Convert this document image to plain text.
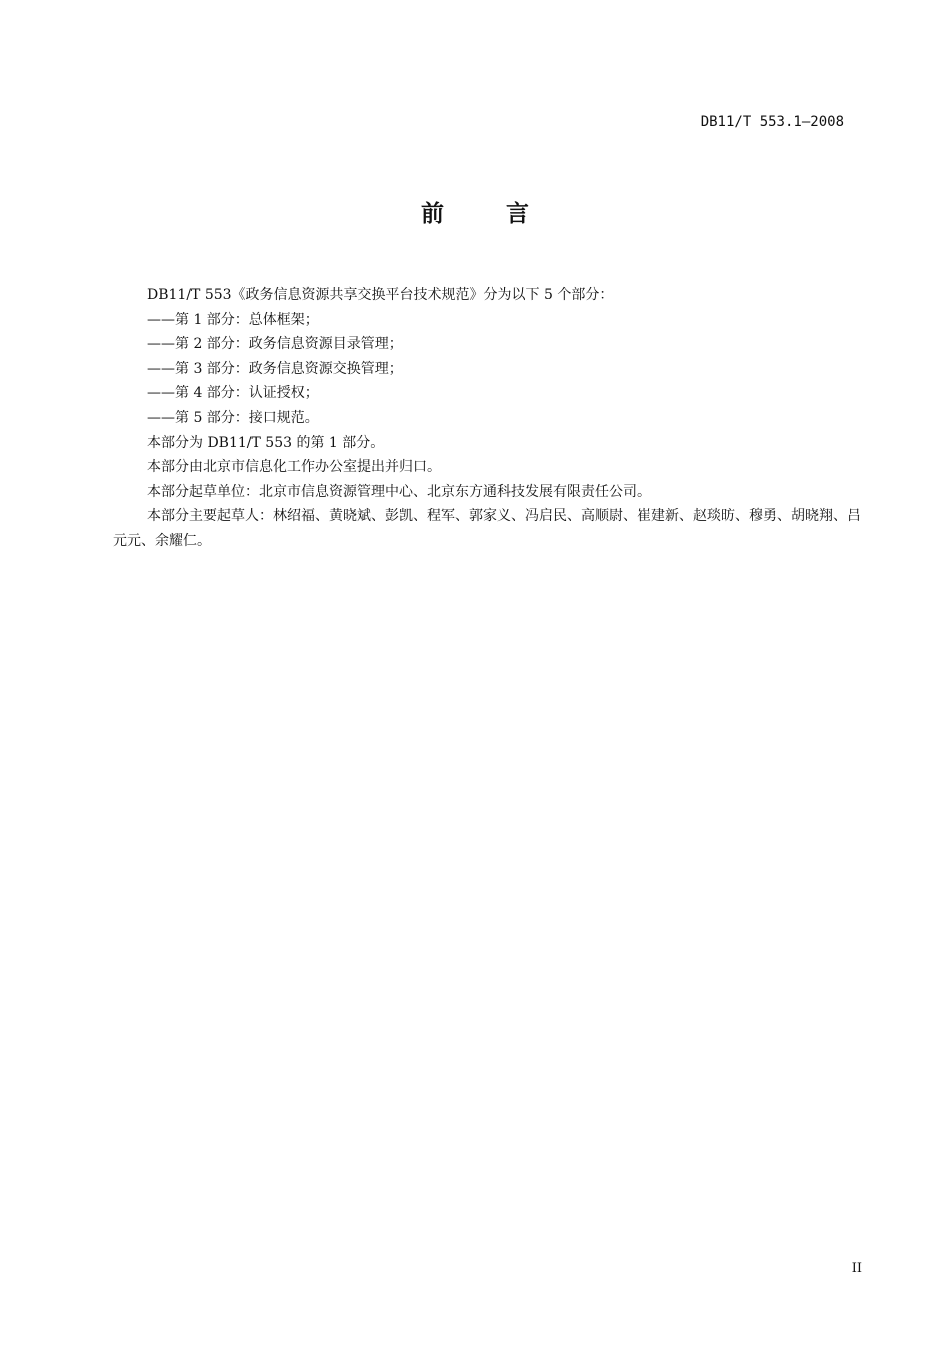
DB11/T 553.1—2008
前	言

DB11/T 553《政务信息资源共享交换平台技术规范》分为以下 5 个部分：

——第 1 部分：总体框架；

——第 2 部分：政务信息资源目录管理；

——第 3 部分：政务信息资源交换管理；

——第 4 部分：认证授权；

——第 5 部分：接口规范。

本部分为 DB11/T 553 的第 1 部分。

本部分由北京市信息化工作办公室提出并归口。

本部分起草单位：北京市信息资源管理中心、北京东方通科技发展有限责任公司。

本部分主要起草人：林绍福、黄晓斌、彭凯、程军、郭家义、冯启民、高顺尉、崔建新、赵琰昉、穆勇、胡晓翔、吕元元、余耀仁。

II
